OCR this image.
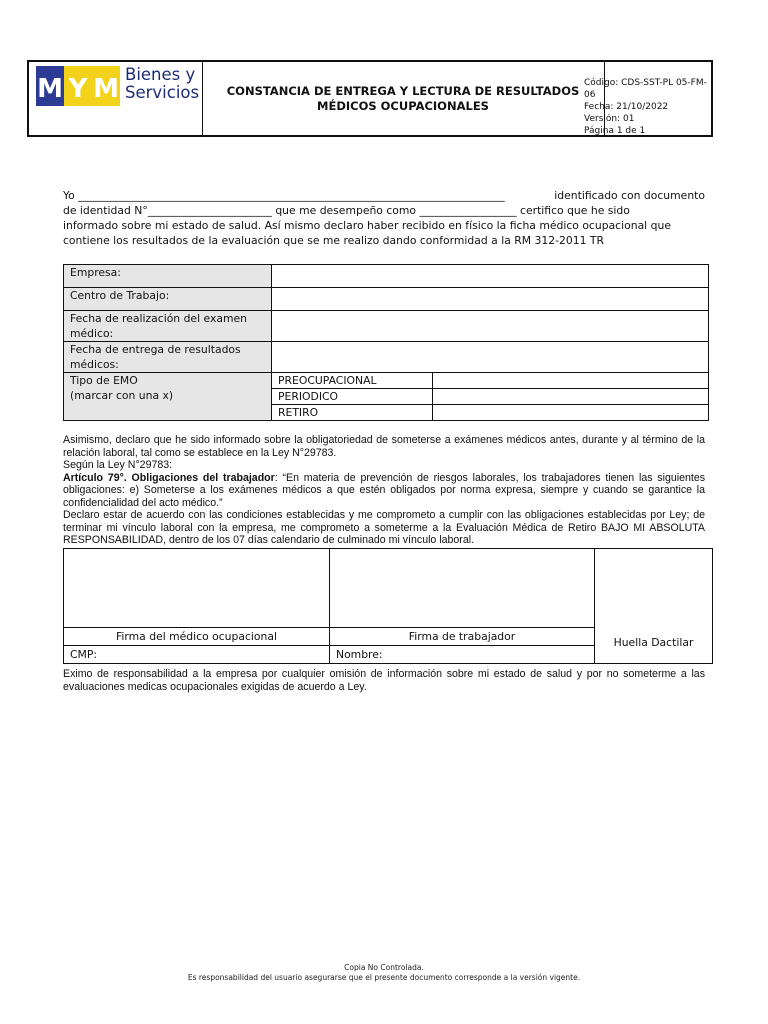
M Y M Bienes y
Servicios CONSTANCIA DE ENTREGA Y LECTURA DE RESULTADOS
MÉDICOS OCUPACIONALES
Código: CDS-SST-PL 05-FM-06
Fecha: 21/10/2022
Versión: 01
Página 1 de 1
Yo _______________________________________________________________________________	identificado con documento
de identidad N°_______________________ que me desempeño como __________________ certifico que he sido
informado sobre mi estado de salud. Así mismo declaro haber recibido en físico la ficha médico ocupacional que
contiene los resultados de la evaluación que se me realizo dando conformidad a la RM 312-2011 TR
Empresa:		
Centro de Trabajo:		

Fecha de realización del examen
médico:		

Fecha de entrega de resultados
médicos:		

Tipo de EMO
(marcar con una x)	PREOCUPACIONAL	
	PERIODICO	
	RETIRO	
Asimismo, declaro que he sido informado sobre la obligatoriedad de someterse a exámenes médicos antes, durante y al término de la relación laboral, tal como se establece en la Ley N°29783.
Según la Ley N°29783:
Artículo 79°. Obligaciones del trabajador: “En materia de prevención de riesgos laborales, los trabajadores tienen las siguientes obligaciones: e) Someterse a los exámenes médicos a que estén obligados por norma expresa, siempre y cuando se garantice la confidencialidad del acto médico.”
Declaro estar de acuerdo con las condiciones establecidas y me comprometo a cumplir con las obligaciones establecidas por Ley; de terminar mi vínculo laboral con la empresa, me comprometo a someterme a la Evaluación Médica de Retiro BAJO MI ABSOLUTA RESPONSABILIDAD, dentro de los 07 días calendario de culminado mi vínculo laboral.
		Huella Dactilar
Firma del médico ocupacional	Firma de trabajador	
CMP:	Nombre:	
Eximo de responsabilidad a la empresa por cualquier omisión de información sobre mi estado de salud y por no someterme a las evaluaciones medicas ocupacionales exigidas de acuerdo a Ley.
Copia No Controlada.
Es responsabilidad del usuario asegurarse que el presente documento corresponde a la versión vigente.
